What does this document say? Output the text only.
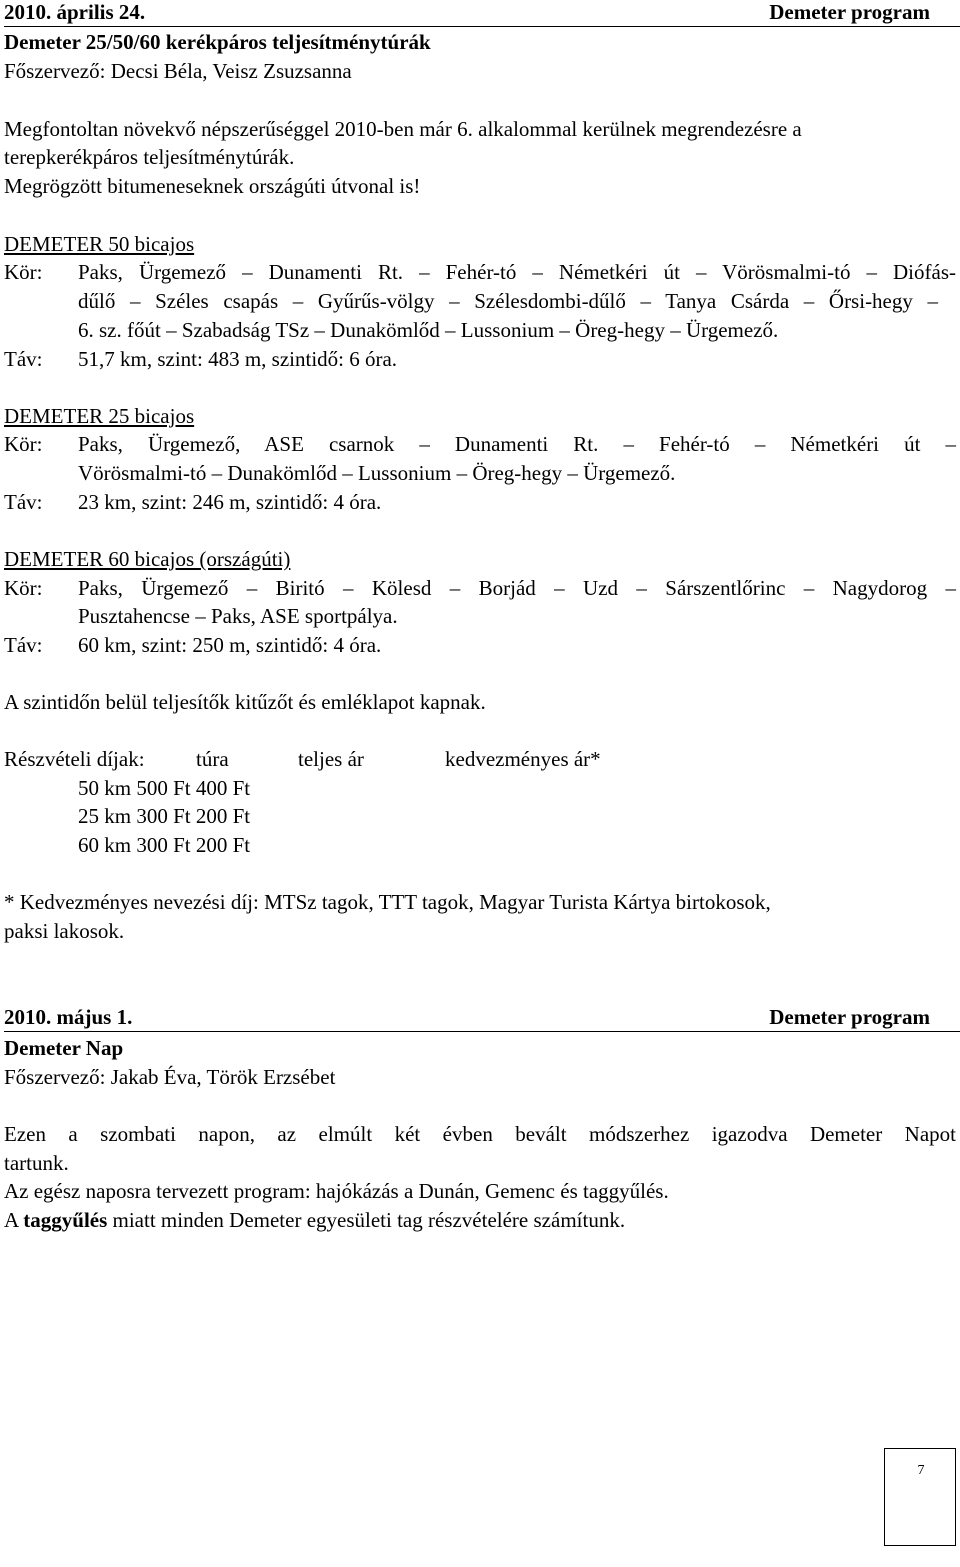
2010. április 24.	Demeter program
Demeter 25/50/60 kerékpáros teljesítménytúrák
Főszervező: Decsi Béla, Veisz Zsuzsanna
Megfontoltan növekvő népszerűséggel 2010-ben már 6. alkalommal kerülnek megrendezésre a
terepkerékpáros teljesítménytúrák.
Megrögzött bitumeneseknek országúti útvonal is!
DEMETER 50 bicajos
Kör:	Paks, Ürgemező – Dunamenti Rt. – Fehér-tó – Németkéri út – Vörösmalmi-tó – Diófás-
dűlő – Széles csapás – Gyűrűs-völgy – Szélesdombi-dűlő – Tanya Csárda – Őrsi-hegy –
6. sz. főút – Szabadság TSz – Dunakömlőd – Lussonium – Öreg-hegy – Ürgemező.
Táv:	51,7 km, szint: 483 m, szintidő: 6 óra.
DEMETER 25 bicajos
Kör:	Paks, Ürgemező, ASE csarnok – Dunamenti Rt. – Fehér-tó – Németkéri út –
Vörösmalmi-tó – Dunakömlőd – Lussonium – Öreg-hegy – Ürgemező.
Táv:	23 km, szint: 246 m, szintidő: 4 óra.
DEMETER 60 bicajos (országúti)
Kör:	Paks, Ürgemező – Biritó – Kölesd – Borjád – Uzd – Sárszentlőrinc – Nagydorog –
Pusztahencse – Paks, ASE sportpálya.
Táv:	60 km, szint: 250 m, szintidő: 4 óra.
A szintidőn belül teljesítők kitűzőt és emléklapot kapnak.
Részvételi díjak: túra	teljes ár	kedvezményes ár*
50 km 500 Ft 400 Ft
25 km 300 Ft 200 Ft
60 km 300 Ft 200 Ft
* Kedvezményes nevezési díj: MTSz tagok, TTT tagok, Magyar Turista Kártya birtokosok,
paksi lakosok.
2010. május 1.	Demeter program
Demeter Nap
Főszervező: Jakab Éva, Török Erzsébet
Ezen a szombati napon, az elmúlt két évben bevált módszerhez igazodva Demeter Napot
tartunk.
Az egész naposra tervezett program: hajókázás a Dunán, Gemenc és taggyűlés.
A taggyűlés miatt minden Demeter egyesületi tag részvételére számítunk.
7
